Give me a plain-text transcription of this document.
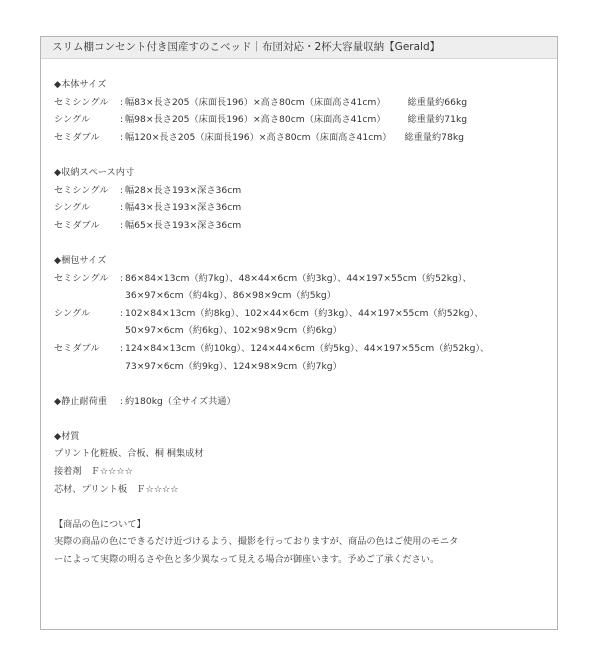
スリム棚コンセント付き国産すのこベッド｜布団対応・2杯大容量収納【Gerald】
◆本体サイズ
セミシングル	: 幅83×長さ205（床面長196）×高さ80cm（床面高さ41cm） 総重量約66kg
シングル	: 幅98×長さ205（床面長196）×高さ80cm（床面高さ41cm） 総重量約71kg
セミダブル	: 幅120×長さ205（床面長196）×高さ80cm（床面高さ41cm） 総重量約78kg
◆収納スペース内寸
セミシングル	: 幅28×長さ193×深さ36cm
シングル	: 幅43×長さ193×深さ36cm
セミダブル	: 幅65×長さ193×深さ36cm
◆梱包サイズ
セミシングル	: 86×84×13cm（約7kg）、48×44×6cm（約3kg）、44×197×55cm（約52kg）、
36×97×6cm（約4kg）、86×98×9cm（約5kg）
シングル	: 102×84×13cm（約8kg）、102×44×6cm（約3kg）、44×197×55cm（約52kg）、
50×97×6cm（約6kg）、102×98×9cm（約6kg）
セミダブル	: 124×84×13cm（約10kg）、124×44×6cm（約5kg）、44×197×55cm（約52kg）、
73×97×6cm（約9kg）、124×98×9cm（約7kg）
◆静止耐荷重	: 約180kg（全サイズ共通）
◆材質
プリント化粧板、合板、桐 桐集成材
接着剤　Ｆ☆☆☆☆
芯材、プリント板　Ｆ☆☆☆☆
【商品の色について】
実際の商品の色にできるだけ近づけるよう、撮影を行っておりますが、商品の色はご使用のモニタ
ーによって実際の明るさや色と多少異なって見える場合が御座います。予めご了承ください。
